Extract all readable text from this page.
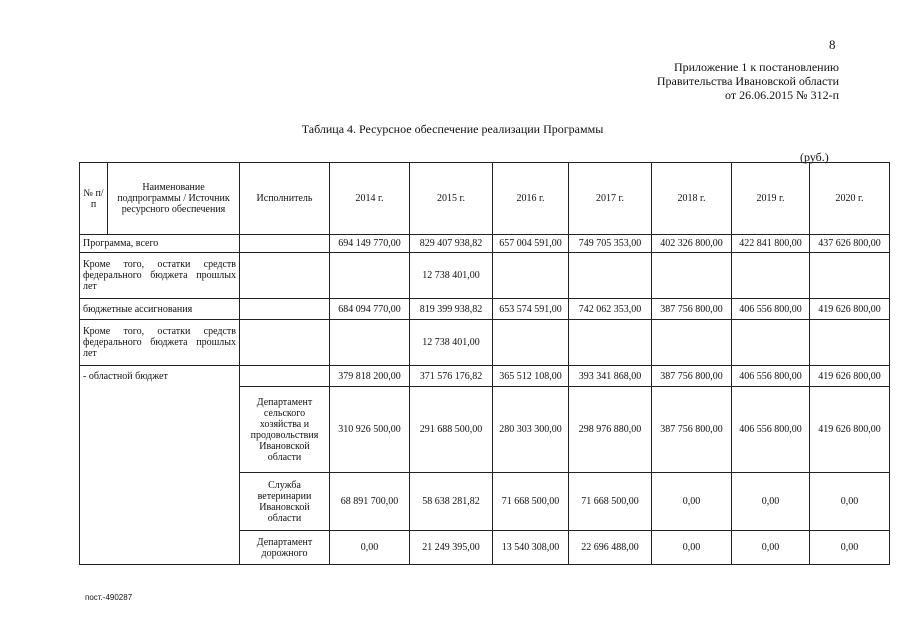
8
Приложение 1 к постановлению
Правительства Ивановской области
от 26.06.2015 № 312-п
Таблица 4. Ресурсное обеспечение реализации Программы
(руб.)
№ п/п	Наименование подпрограммы / Источник ресурсного обеспечения	Исполнитель	2014 г.	2015 г.	2016 г.	2017 г.	2018 г.	2019 г.	2020 г.
Программа, всего			694 149 770,00	829 407 938,82	657 004 591,00	749 705 353,00	402 326 800,00	422 841 800,00	437 626 800,00
Кроме того, остатки средств федерального бюджета прошлых лет				12 738 401,00					
бюджетные ассигнования			684 094 770,00	819 399 938,82	653 574 591,00	742 062 353,00	387 756 800,00	406 556 800,00	419 626 800,00
Кроме того, остатки средств федерального бюджета прошлых лет				12 738 401,00					
- областной бюджет			379 818 200,00	371 576 176,82	365 512 108,00	393 341 868,00	387 756 800,00	406 556 800,00	419 626 800,00
		Департамент сельского хозяйства и продовольствия Ивановской области	310 926 500,00	291 688 500,00	280 303 300,00	298 976 880,00	387 756 800,00	406 556 800,00	419 626 800,00
		Служба ветеринарии Ивановской области	68 891 700,00	58 638 281,82	71 668 500,00	71 668 500,00	0,00	0,00	0,00
		Департамент дорожного	0,00	21 249 395,00	13 540 308,00	22 696 488,00	0,00	0,00	0,00
пост.-490287
